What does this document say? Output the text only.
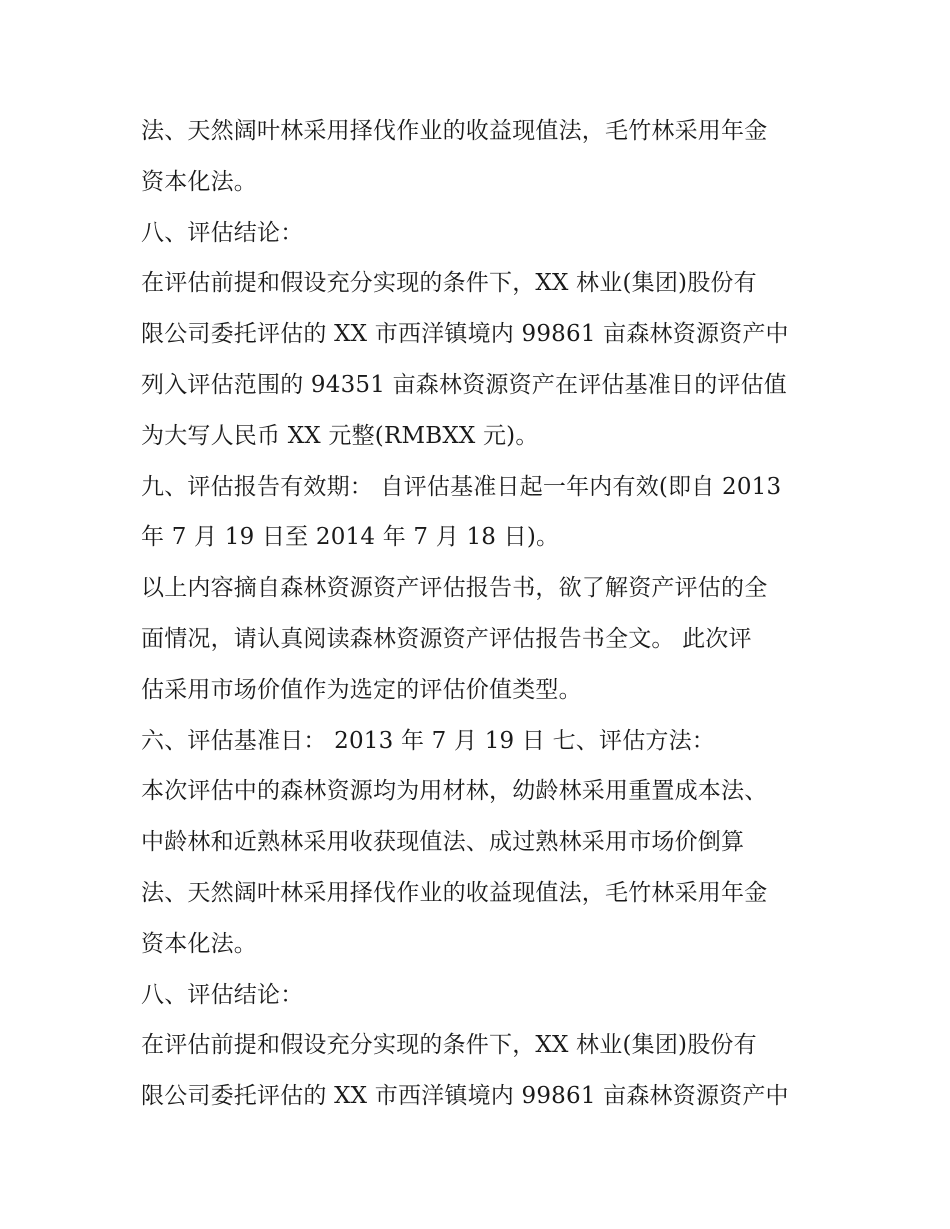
法、天然阔叶林采用择伐作业的收益现值法，毛竹林采用年金
资本化法。
八、评估结论：
在评估前提和假设充分实现的条件下，XX 林业(集团)股份有
限公司委托评估的 XX 市西洋镇境内 99861 亩森林资源资产中
列入评估范围的 94351 亩森林资源资产在评估基准日的评估值
为大写人民币 XX 元整(RMBXX 元)。
九、评估报告有效期： 自评估基准日起一年内有效(即自 2013
年 7 月 19 日至 2014 年 7 月 18 日)。
以上内容摘自森林资源资产评估报告书，欲了解资产评估的全
面情况，请认真阅读森林资源资产评估报告书全文。 此次评
估采用市场价值作为选定的评估价值类型。
六、评估基准日： 2013 年 7 月 19 日 七、评估方法：
本次评估中的森林资源均为用材林，幼龄林采用重置成本法、
中龄林和近熟林采用收获现值法、成过熟林采用市场价倒算
法、天然阔叶林采用择伐作业的收益现值法，毛竹林采用年金
资本化法。
八、评估结论：
在评估前提和假设充分实现的条件下，XX 林业(集团)股份有
限公司委托评估的 XX 市西洋镇境内 99861 亩森林资源资产中
